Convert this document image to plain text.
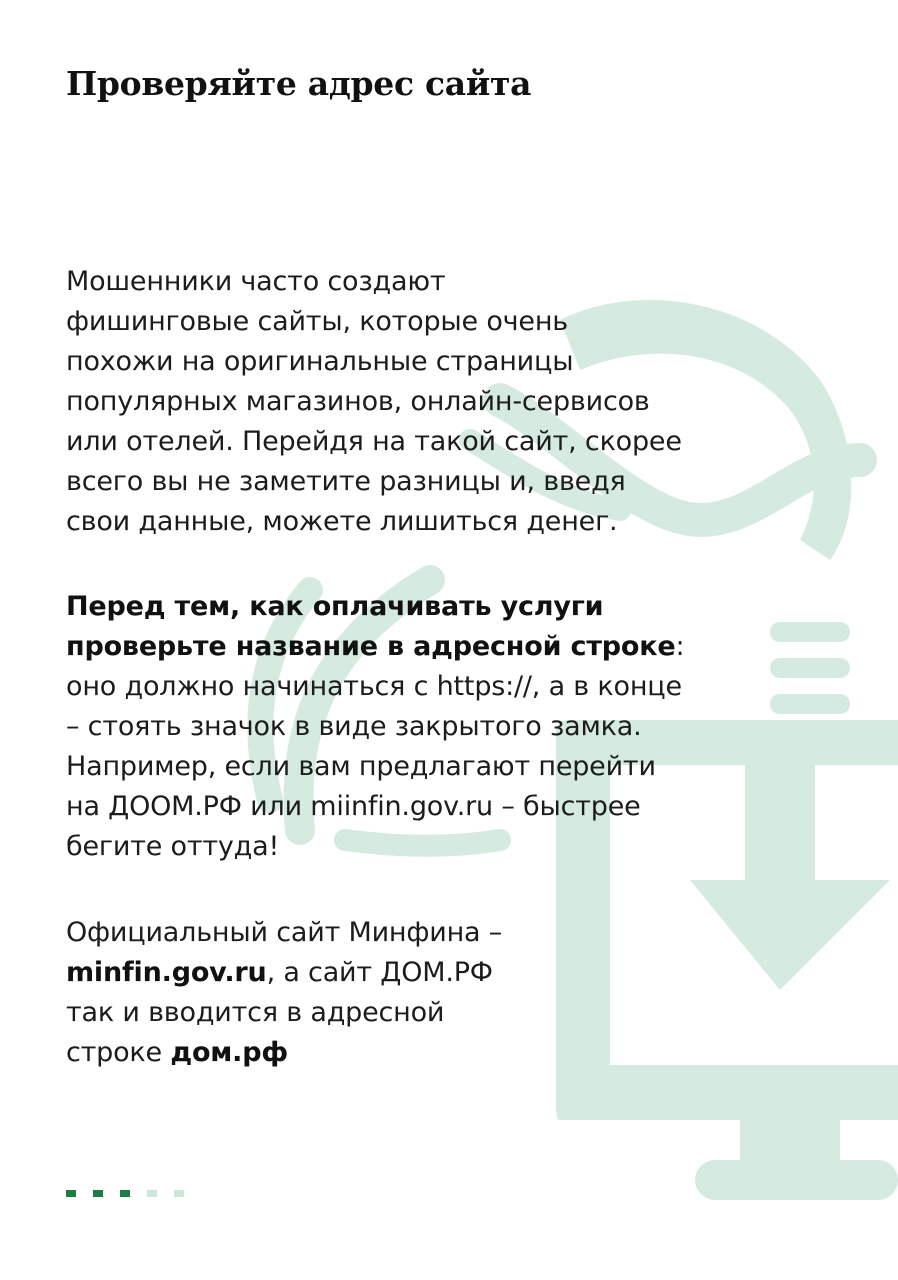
Проверяйте адрес сайта

Мошенники часто создают
фишинговые сайты, которые очень
похожи на оригинальные страницы
популярных магазинов, онлайн-сервисов
или отелей. Перейдя на такой сайт, скорее
всего вы не заметите разницы и, введя
свои данные, можете лишиться денег.

Перед тем, как оплачивать услуги
проверьте название в адресной строке:
оно должно начинаться с https://, а в конце
– стоять значок в виде закрытого замка.
Например, если вам предлагают перейти
на ДООМ.РФ или miinfin.gov.ru – быстрее
бегите оттуда!

Официальный сайт Минфина –
minfin.gov.ru, а сайт ДОМ.РФ
так и вводится в адресной
строке дом.рф
